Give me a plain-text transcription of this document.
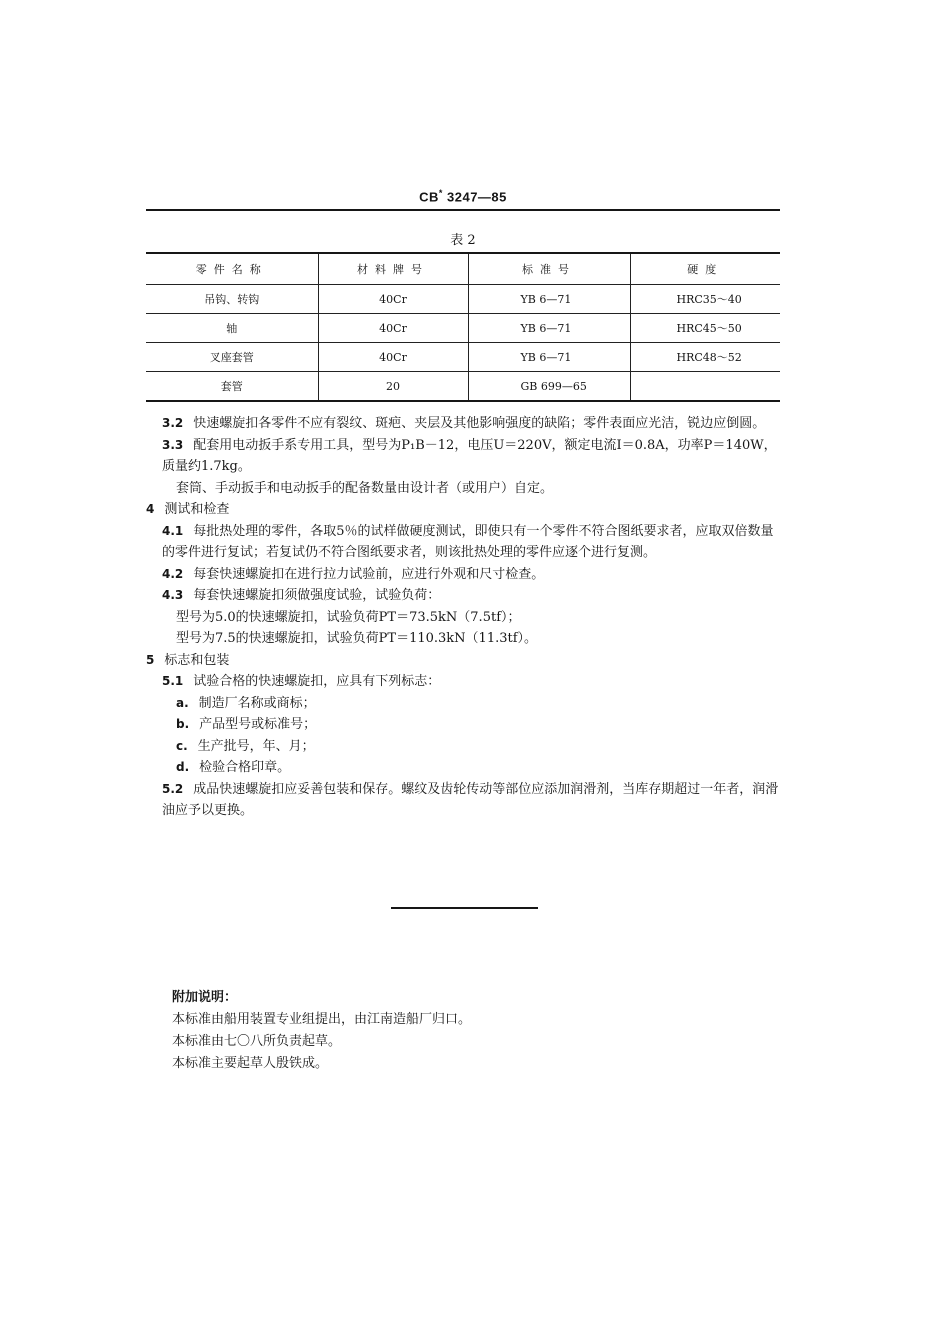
CB* 3247—85
表 2
零件名称	材料牌号	标准号	硬度
吊钩、转钩	40Cr	YB 6—71	HRC35～40
轴	40Cr	YB 6—71	HRC45～50
叉座套管	40Cr	YB 6—71	HRC48～52
套管	20	GB 699—65	

3.2 快速螺旋扣各零件不应有裂纹、斑疤、夹层及其他影响强度的缺陷；零件表面应光洁，锐边应倒圆。

3.3 配套用电动扳手系专用工具，型号为P₁B－12，电压U＝220V，额定电流I＝0.8A，功率P＝140W，质量约1.7kg。

套筒、手动扳手和电动扳手的配备数量由设计者（或用户）自定。

4 测试和检查

4.1 每批热处理的零件，各取5％的试样做硬度测试，即使只有一个零件不符合图纸要求者，应取双倍数量的零件进行复试；若复试仍不符合图纸要求者，则该批热处理的零件应逐个进行复测。

4.2 每套快速螺旋扣在进行拉力试验前，应进行外观和尺寸检查。

4.3 每套快速螺旋扣须做强度试验，试验负荷：

型号为5.0的快速螺旋扣，试验负荷PT＝73.5kN（7.5tf）；

型号为7.5的快速螺旋扣，试验负荷PT＝110.3kN（11.3tf）。

5 标志和包装

5.1 试验合格的快速螺旋扣，应具有下列标志：

a. 制造厂名称或商标；

b. 产品型号或标准号；

c. 生产批号，年、月；

d. 检验合格印章。

5.2 成品快速螺旋扣应妥善包装和保存。螺纹及齿轮传动等部位应添加润滑剂，当库存期超过一年者，润滑油应予以更换。

附加说明：

本标准由船用装置专业组提出，由江南造船厂归口。

本标准由七〇八所负责起草。

本标准主要起草人殷铁成。
